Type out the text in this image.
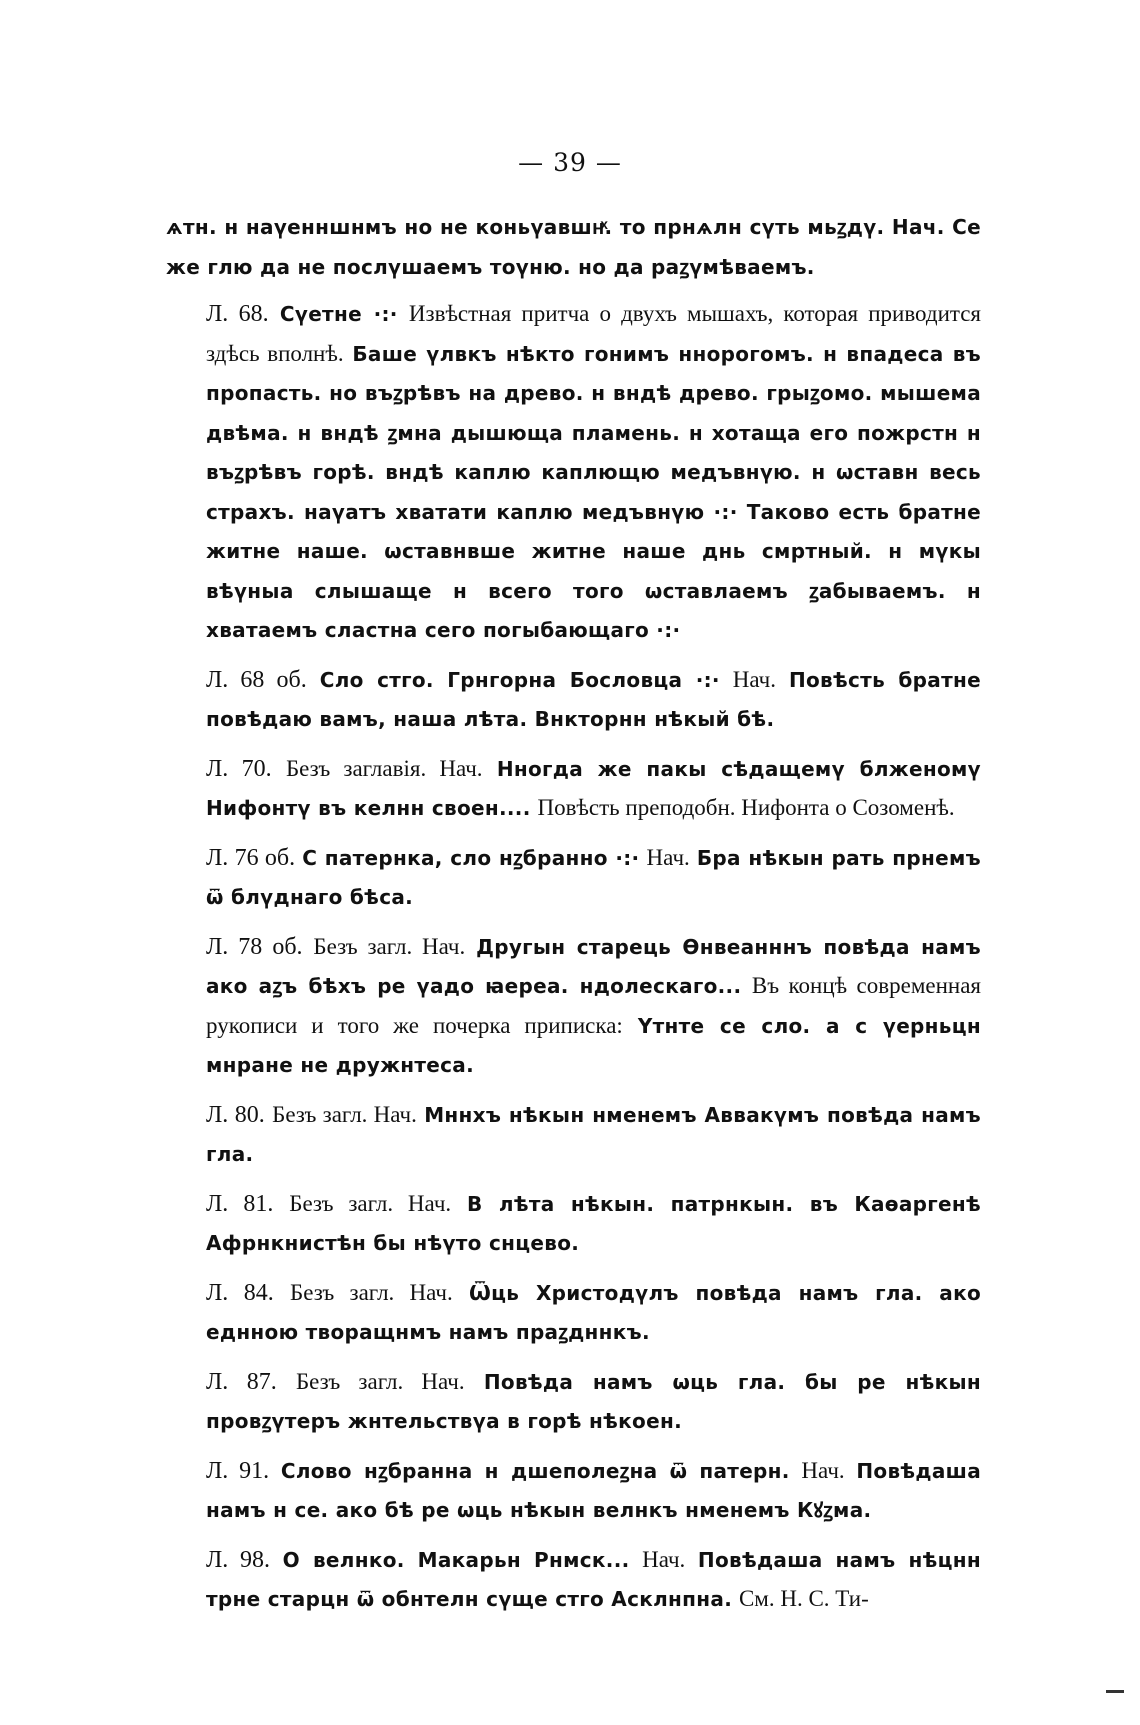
— 39 —

ѧтн. н наүенншнмъ но не коньүавшнͯ. то прнѧлн сүть мьꙁдү. Нач. Се же глю да не послүшаемъ тоүню. но да раꙁүмѣваемъ.

Л. 68. Сүетне ·:· Извѣстная притча о двухъ мышахъ, которая приводится здѣсь вполнѣ. Баше үлвкъ нѣкто гонимъ ннорогомъ. н впадеса въ пропасть. но въꙁрѣвъ на древо. н вндѣ древо. грыꙁомо. мышема двѣма. н вндѣ ꙁмна дышюща пламень. н хотаща его пожрстн н въꙁрѣвъ горѣ. вндѣ каплю каплющю медъвнүю. н ѡставн весь страхъ. наүатъ хватати каплю медъвнүю ·:· Таково есть братне житне наше. ѡставнвше житне наше днь смртный. н мүкы вѣүныа слышаще н всего того ѡставлаемъ ꙁабываемъ. н хватаемъ сластна сего погыбающаго ·:·

Л. 68 об. Сло стго. Грнгорна Бословца ·:· Нач. Повѣсть братне повѣдаю вамъ, наша лѣта. Внкторнн нѣкый бѣ.

Л. 70. Безъ заглавія. Нач. Нногда же пакы сѣдащемү блженомү Нифонтү въ келнн своен.... Повѣсть преподобн. Нифонта о Созоменѣ.

Л. 76 об. С патернка, сло нꙁбранно ·:· Нач. Бра нѣкын рать прнемъ ѿ блүднаго бѣса.

Л. 78 об. Безъ загл. Нач. Другын старець Өнвеанннъ повѣда намъ ако аꙁъ бѣхъ ре үадо ꙗереа. ндолескаго... Въ концѣ современная рукописи и того же почерка приписка: Үтнте се сло. а с үерньцн мнране не дружнтеса.

Л. 80. Безъ загл. Нач. Мннхъ нѣкын нменемъ Аввакүмъ повѣда намъ гла.

Л. 81. Безъ загл. Нач. В лѣта нѣкын. патрнкын. въ Каөаргенѣ Афрнкнистѣн бы нѣүто снцево.

Л. 84. Безъ загл. Нач. Ѿць Христодүлъ повѣда намъ гла. ако еднною творащнмъ намъ праꙁдннкъ.

Л. 87. Безъ загл. Нач. Повѣда намъ ѡць гла. бы ре нѣкын провꙁүтеръ жнтельствүа в горѣ нѣкоен.

Л. 91. Слово нꙁбранна н дшеполеꙁна ѿ патерн. Нач. Повѣдаша намъ н се. ако бѣ ре ѡць нѣкын велнкъ нменемъ Кꙋꙁма.

Л. 98. О велнко. Макарьн Рнмск... Нач. Повѣдаша намъ нѣцнн трне старцн ѿ обнтелн сүще стго Асклнпна. См. Н. С. Ти-
